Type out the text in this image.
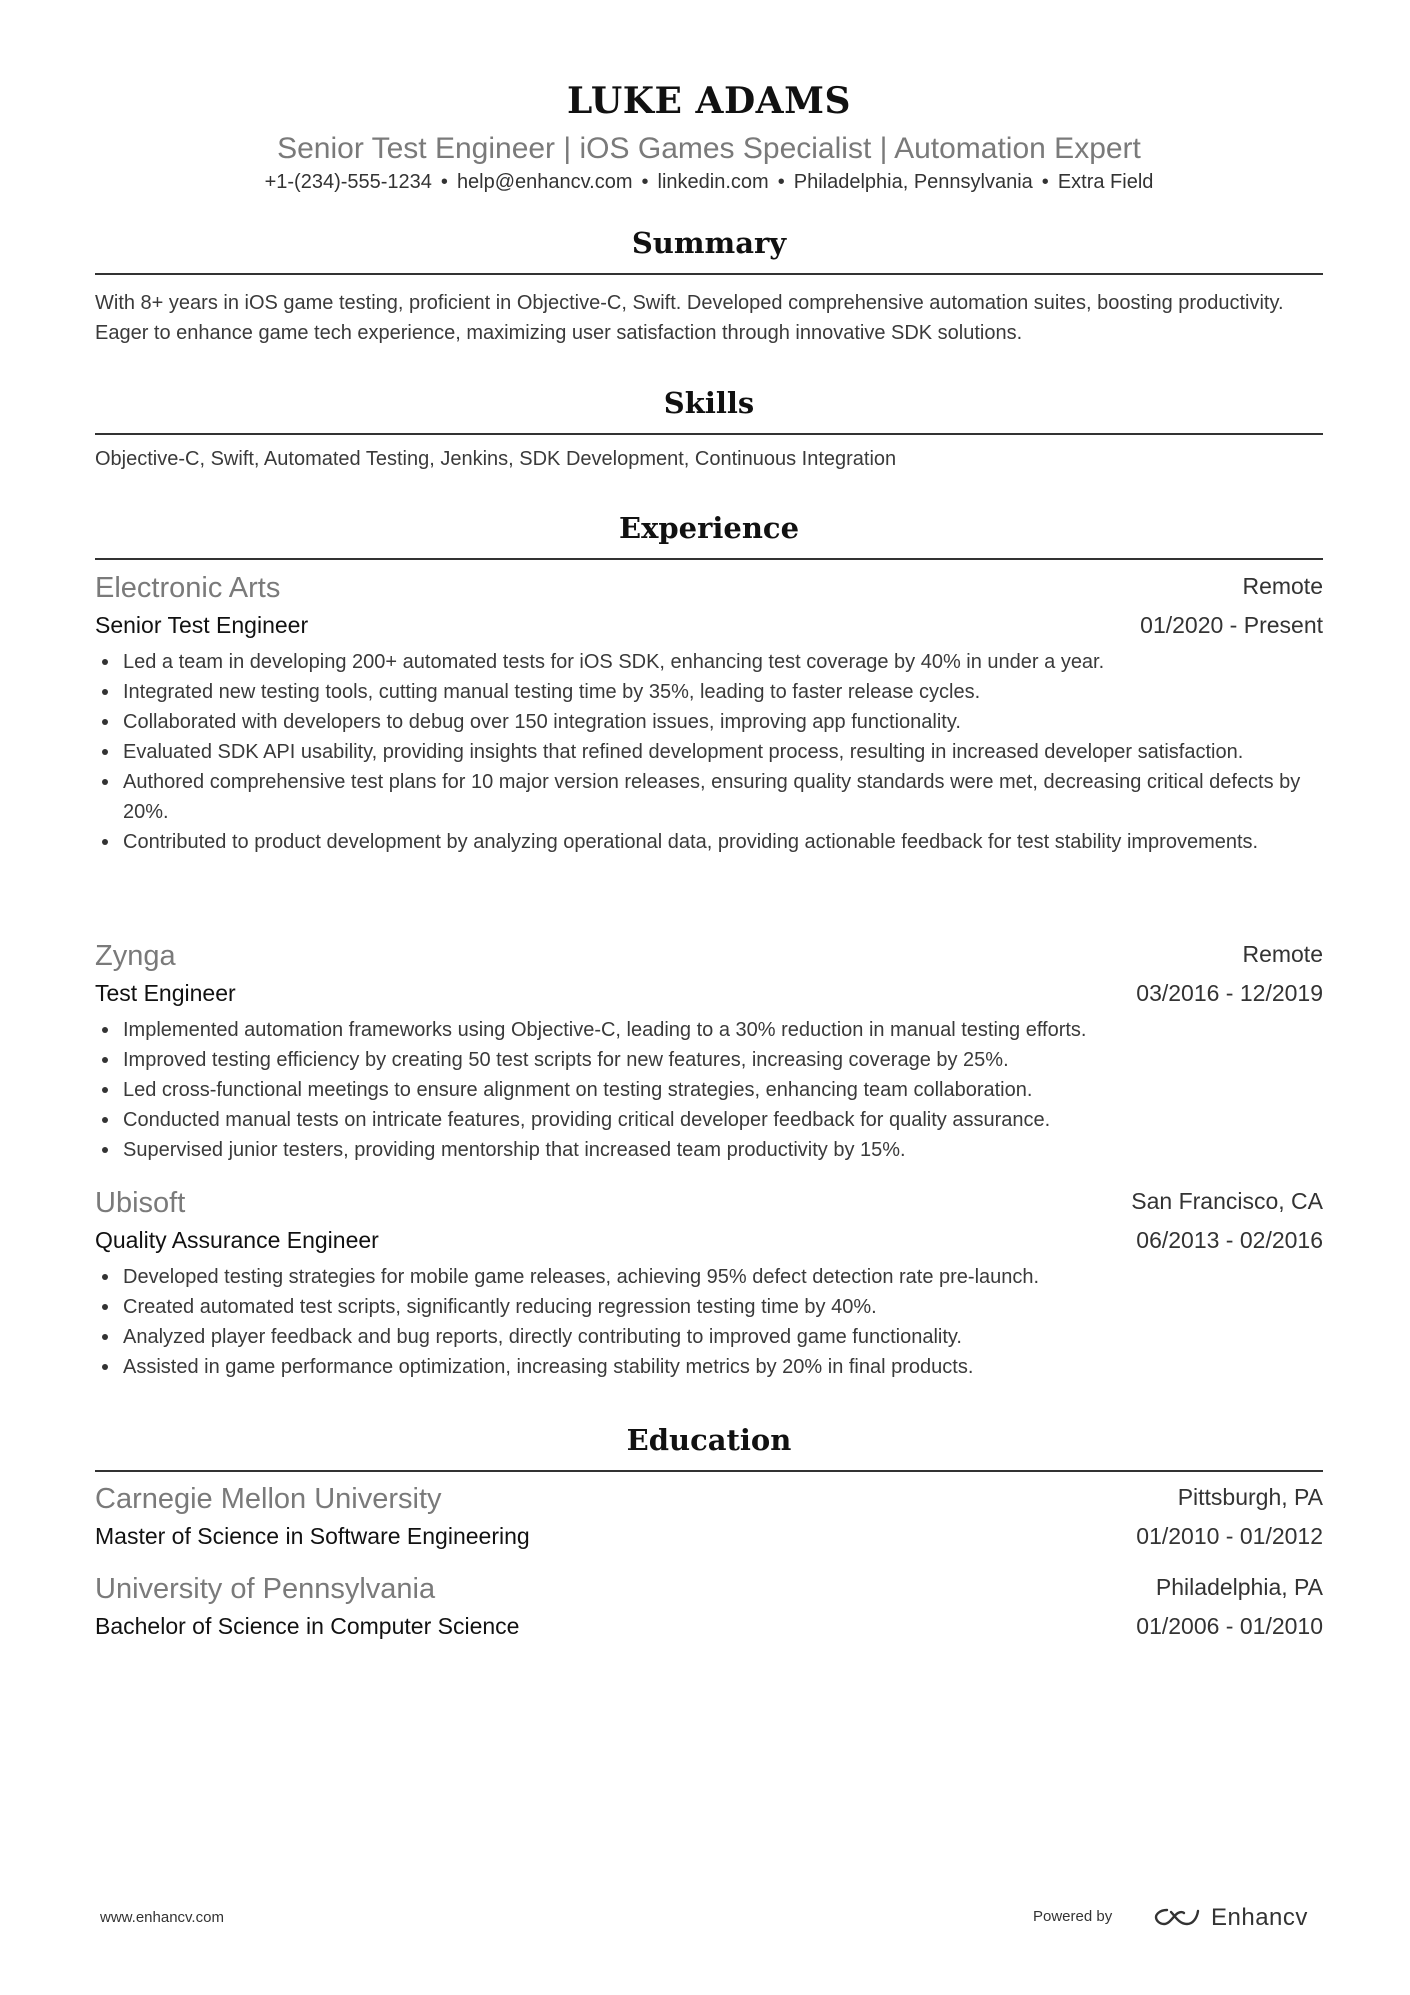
LUKE ADAMS
Senior Test Engineer | iOS Games Specialist | Automation Expert
+1-(234)-555-1234 • help@enhancv.com • linkedin.com • Philadelphia, Pennsylvania • Extra Field
Summary
With 8+ years in iOS game testing, proficient in Objective-C, Swift. Developed comprehensive automation suites, boosting productivity. Eager to enhance game tech experience, maximizing user satisfaction through innovative SDK solutions.
Skills
Objective-C, Swift, Automated Testing, Jenkins, SDK Development, Continuous Integration
Experience
Electronic Arts	Remote
Senior Test Engineer	01/2020 - Present
Led a team in developing 200+ automated tests for iOS SDK, enhancing test coverage by 40% in under a year.
Integrated new testing tools, cutting manual testing time by 35%, leading to faster release cycles.
Collaborated with developers to debug over 150 integration issues, improving app functionality.
Evaluated SDK API usability, providing insights that refined development process, resulting in increased developer satisfaction.
Authored comprehensive test plans for 10 major version releases, ensuring quality standards were met, decreasing critical defects by 20%.
Contributed to product development by analyzing operational data, providing actionable feedback for test stability improvements.
Zynga	Remote
Test Engineer	03/2016 - 12/2019
Implemented automation frameworks using Objective-C, leading to a 30% reduction in manual testing efforts.
Improved testing efficiency by creating 50 test scripts for new features, increasing coverage by 25%.
Led cross-functional meetings to ensure alignment on testing strategies, enhancing team collaboration.
Conducted manual tests on intricate features, providing critical developer feedback for quality assurance.
Supervised junior testers, providing mentorship that increased team productivity by 15%.
Ubisoft	San Francisco, CA
Quality Assurance Engineer	06/2013 - 02/2016
Developed testing strategies for mobile game releases, achieving 95% defect detection rate pre-launch.
Created automated test scripts, significantly reducing regression testing time by 40%.
Analyzed player feedback and bug reports, directly contributing to improved game functionality.
Assisted in game performance optimization, increasing stability metrics by 20% in final products.
Education
Carnegie Mellon University	Pittsburgh, PA
Master of Science in Software Engineering	01/2010 - 01/2012
University of Pennsylvania	Philadelphia, PA
Bachelor of Science in Computer Science	01/2006 - 01/2010
www.enhancv.com	Powered by	Enhancv
